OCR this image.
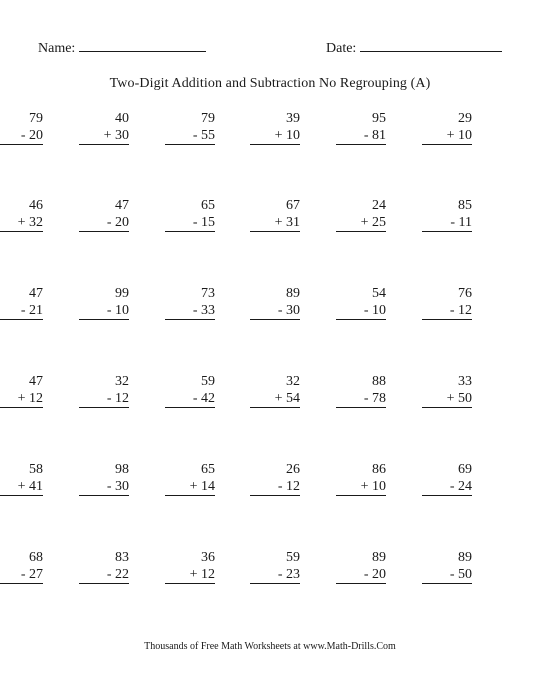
Name:	Date:
Two-Digit Addition and Subtraction No Regrouping (A)
79
- 20
40
+ 30
79
- 55
39
+ 10
95
- 81
29
+ 10
46
+ 32
47
- 20
65
- 15
67
+ 31
24
+ 25
85
- 11
47
- 21
99
- 10
73
- 33
89
- 30
54
- 10
76
- 12
47
+ 12
32
- 12
59
- 42
32
+ 54
88
- 78
33
+ 50
58
+ 41
98
- 30
65
+ 14
26
- 12
86
+ 10
69
- 24
68
- 27
83
- 22
36
+ 12
59
- 23
89
- 20
89
- 50
Thousands of Free Math Worksheets at www.Math-Drills.Com
